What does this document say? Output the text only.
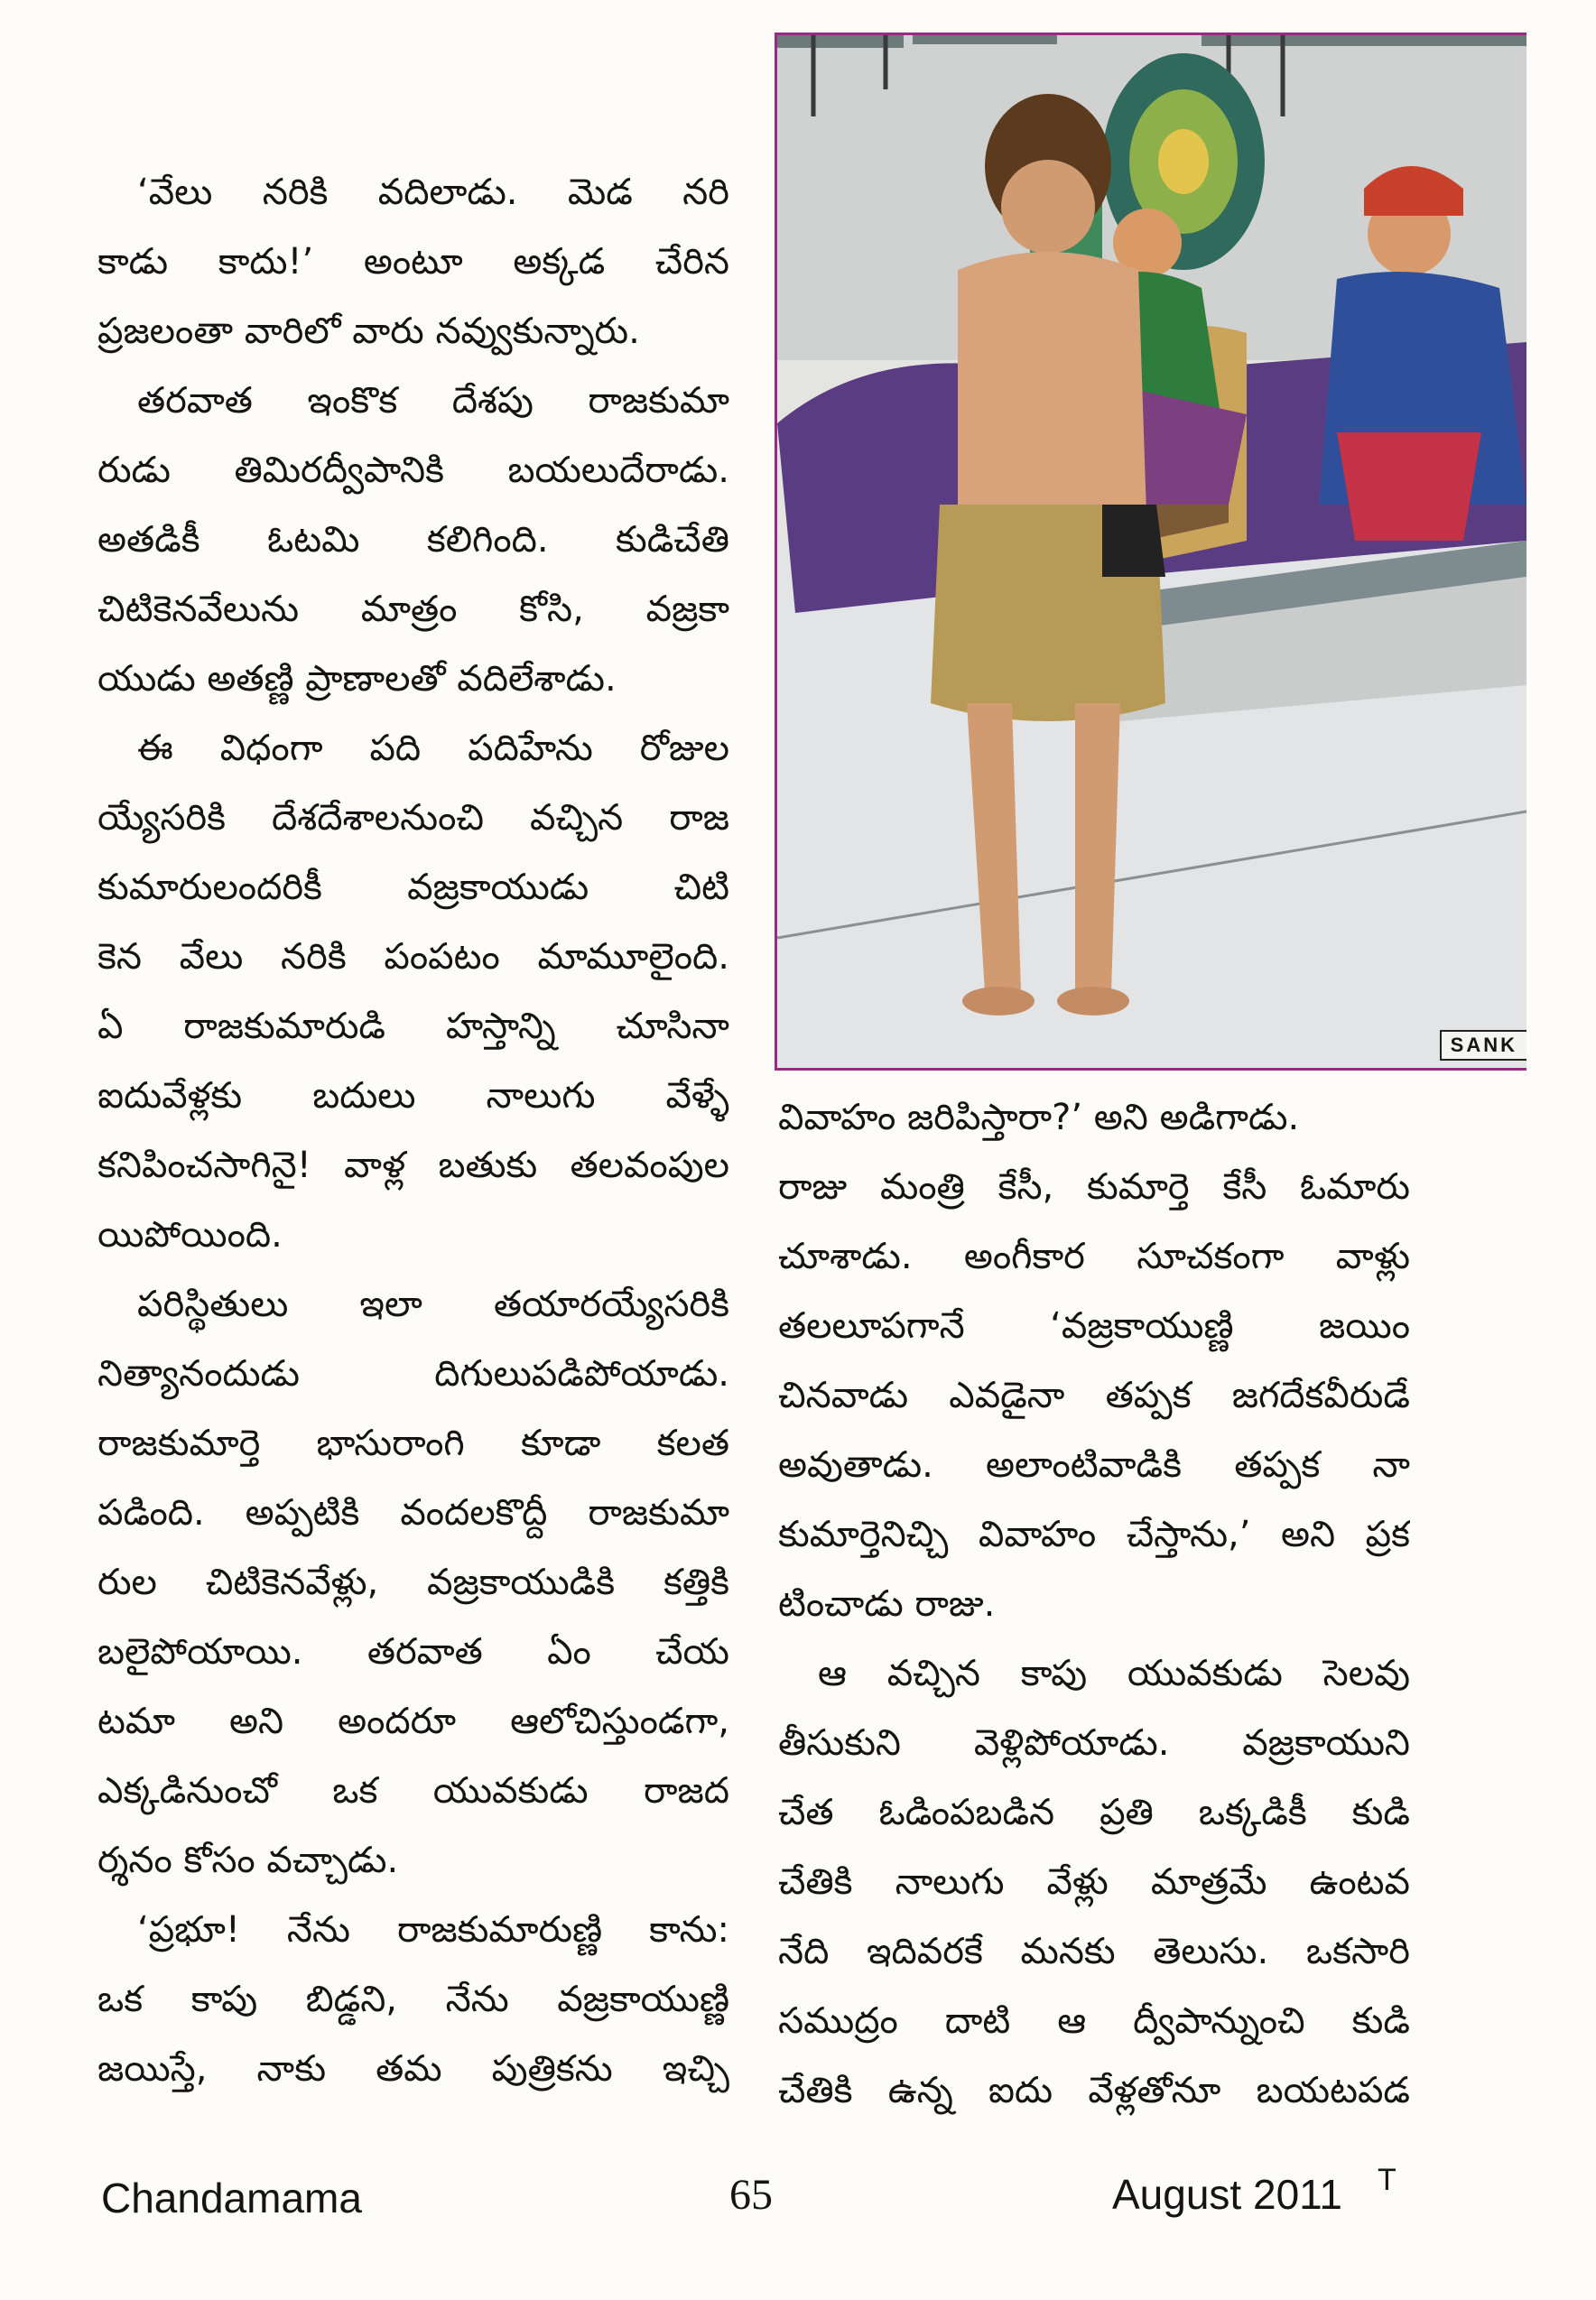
‘వేలు నరికి వదిలాడు. మెడ నరి
కాడు కాదు!’ అంటూ అక్కడ చేరిన
ప్రజలంతా వారిలో వారు నవ్వుకున్నారు.
తరవాత ఇంకొక దేశపు రాజకుమా
రుడు తిమిరద్వీపానికి బయలుదేరాడు.
అతడికీ ఓటమి కలిగింది. కుడిచేతి
చిటికెనవేలును మాత్రం కోసి, వజ్రకా
యుడు అతణ్ణి ప్రాణాలతో వదిలేశాడు.
ఈ విధంగా పది పదిహేను రోజుల
య్యేసరికి దేశదేశాలనుంచి వచ్చిన రాజ
కుమారులందరికీ వజ్రకాయుడు చిటి
కెన వేలు నరికి పంపటం మామూలైంది.
ఏ రాజకుమారుడి హస్తాన్ని చూసినా
ఐదువేళ్లకు బదులు నాలుగు వేళ్ళే
కనిపించసాగినై! వాళ్ల బతుకు తలవంపుల
యిపోయింది.
పరిస్థితులు ఇలా తయారయ్యేసరికి
నిత్యానందుడు దిగులుపడిపోయాడు.
రాజకుమార్తె భాసురాంగి కూడా కలత
పడింది. అప్పటికి వందలకొద్దీ రాజకుమా
రుల చిటికెనవేళ్లు, వజ్రకాయుడికి కత్తికి
బలైపోయాయి. తరవాత ఏం చేయ
టమా అని అందరూ ఆలోచిస్తుండగా,
ఎక్కడినుంచో ఒక యువకుడు రాజద
ర్శనం కోసం వచ్చాడు.
‘ప్రభూ! నేను రాజకుమారుణ్ణి కాను:
ఒక కాపు బిడ్డని, నేను వజ్రకాయుణ్ణి
జయిస్తే, నాకు తమ పుత్రికను ఇచ్చి
వివాహం జరిపిస్తారా?’ అని అడిగాడు.
రాజు మంత్రి కేసీ, కుమార్తె కేసీ ఓమారు
చూశాడు. అంగీకార సూచకంగా వాళ్లు
తలలూపగానే ‘వజ్రకాయుణ్ణి జయిం
చినవాడు ఎవడైనా తప్పక జగదేకవీరుడే
అవుతాడు. అలాంటివాడికి తప్పక నా
కుమార్తెనిచ్చి వివాహం చేస్తాను,’ అని ప్రక
టించాడు రాజు.
ఆ వచ్చిన కాపు యువకుడు సెలవు
తీసుకుని వెళ్లిపోయాడు. వజ్రకాయుని
చేత ఓడింపబడిన ప్రతి ఒక్కడికీ కుడి
చేతికి నాలుగు వేళ్లు మాత్రమే ఉంటవ
నేది ఇదివరకే మనకు తెలుసు. ఒకసారి
సముద్రం దాటి ఆ ద్వీపాన్నుంచి కుడి
చేతికి ఉన్న ఐదు వేళ్లతోనూ బయటపడ
SANK
Chandamama	65	August 2011 T
